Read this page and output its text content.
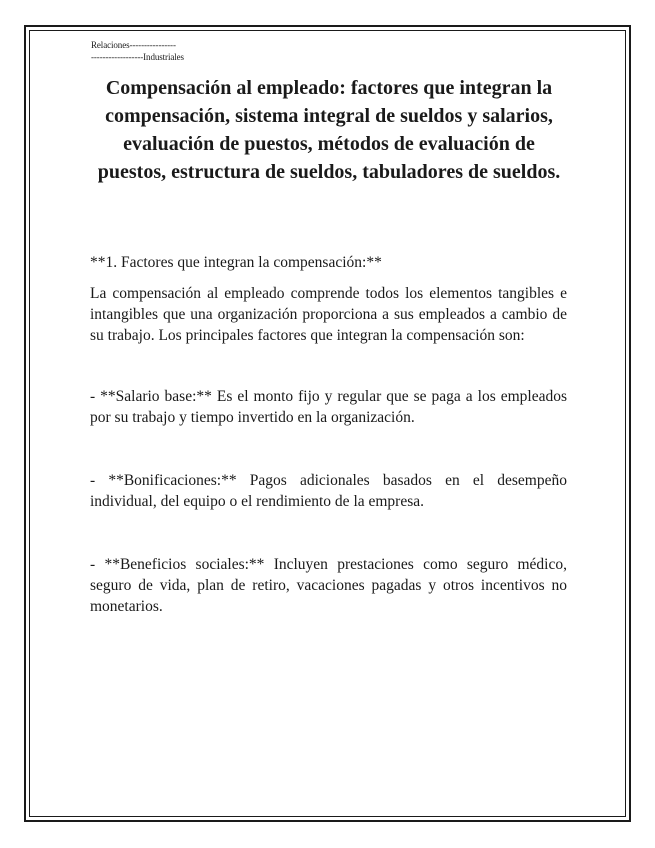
Relaciones----------------
------------------Industriales
Compensación al empleado: factores que integran la compensación, sistema integral de sueldos y salarios, evaluación de puestos, métodos de evaluación de puestos, estructura de sueldos, tabuladores de sueldos.

**1. Factores que integran la compensación:**

La compensación al empleado comprende todos los elementos tangibles e intangibles que una organización proporciona a sus empleados a cambio de su trabajo. Los principales factores que integran la compensación son:

- **Salario base:** Es el monto fijo y regular que se paga a los empleados por su trabajo y tiempo invertido en la organización.

- **Bonificaciones:** Pagos adicionales basados en el desempeño individual, del equipo o el rendimiento de la empresa.

- **Beneficios sociales:** Incluyen prestaciones como seguro médico, seguro de vida, plan de retiro, vacaciones pagadas y otros incentivos no monetarios.
